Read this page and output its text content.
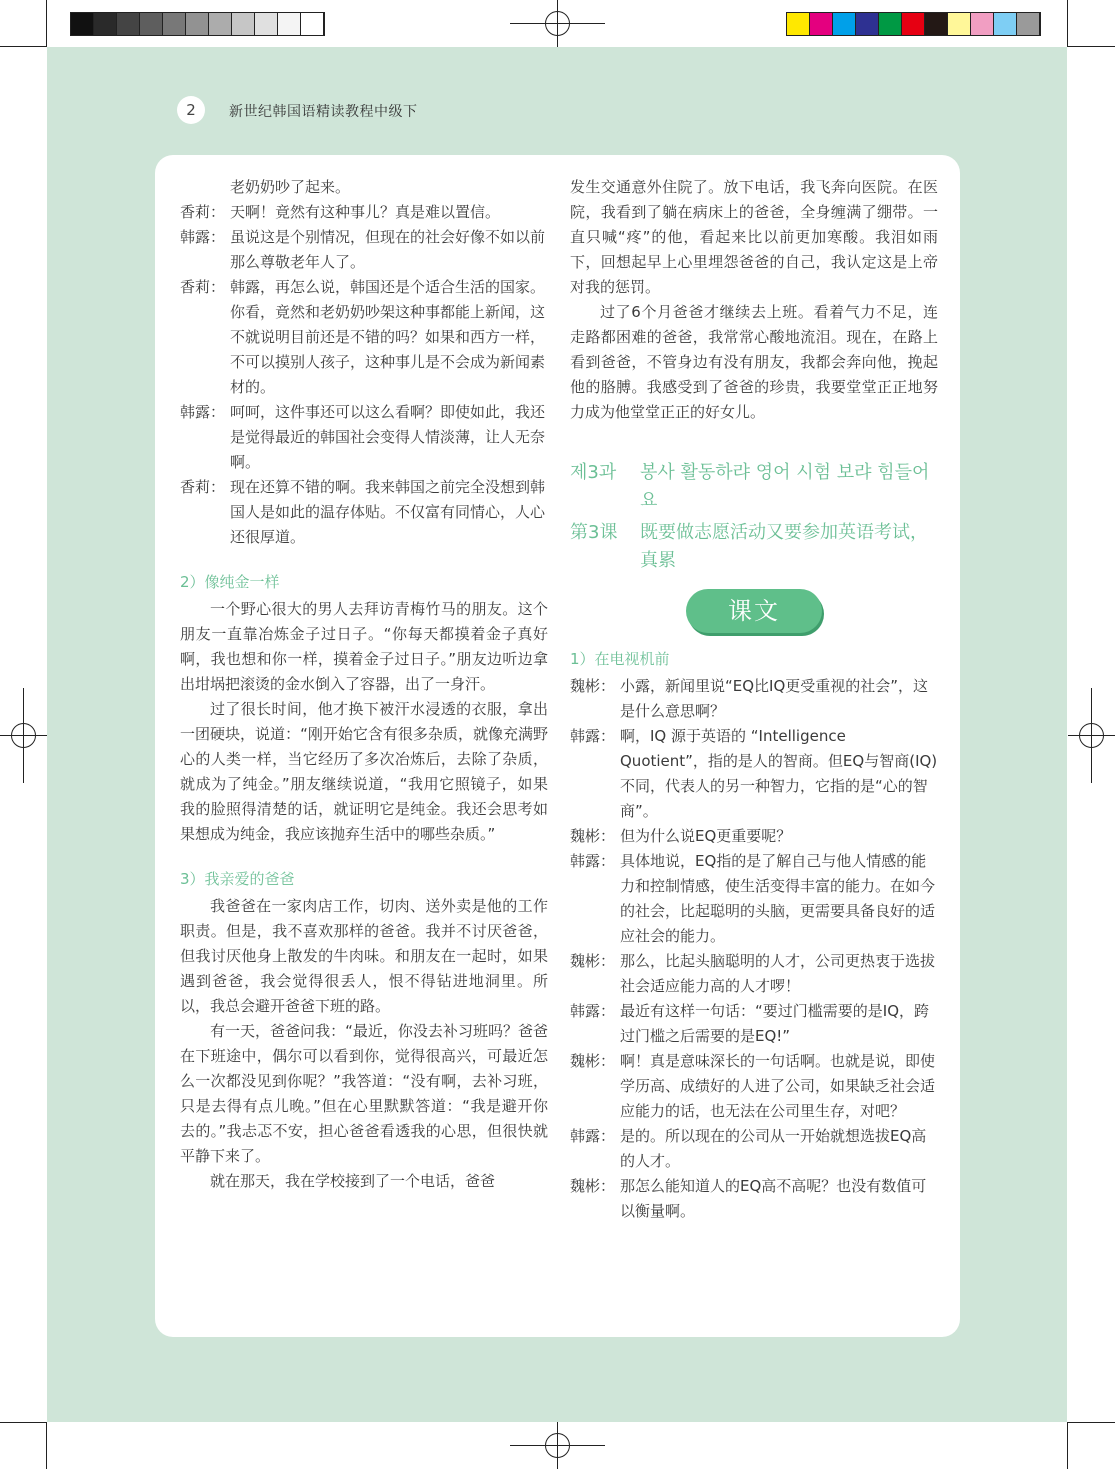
2	新世纪韩国语精读教程中级下
老奶奶吵了起来。
香莉： 天啊！竟然有这种事儿？真是难以置信。
韩露： 虽说这是个别情况，但现在的社会好像不如以前那么尊敬老年人了。
香莉： 韩露，再怎么说，韩国还是个适合生活的国家。你看，竟然和老奶奶吵架这种事都能上新闻，这不就说明目前还是不错的吗？如果和西方一样，不可以摸别人孩子，这种事儿是不会成为新闻素材的。
韩露： 呵呵，这件事还可以这么看啊？即使如此，我还是觉得最近的韩国社会变得人情淡薄，让人无奈啊。
香莉： 现在还算不错的啊。我来韩国之前完全没想到韩国人是如此的温存体贴。不仅富有同情心，人心还很厚道。
2）像纯金一样
一个野心很大的男人去拜访青梅竹马的朋友。这个朋友一直靠冶炼金子过日子。“你每天都摸着金子真好啊，我也想和你一样，摸着金子过日子。”朋友边听边拿出坩埚把滚烫的金水倒入了容器，出了一身汗。
过了很长时间，他才换下被汗水浸透的衣服，拿出一团硬块，说道：“刚开始它含有很多杂质，就像充满野心的人类一样，当它经历了多次冶炼后，去除了杂质，就成为了纯金。”朋友继续说道，“我用它照镜子，如果我的脸照得清楚的话，就证明它是纯金。我还会思考如果想成为纯金，我应该抛弃生活中的哪些杂质。”
3）我亲爱的爸爸
我爸爸在一家肉店工作，切肉、送外卖是他的工作职责。但是，我不喜欢那样的爸爸。我并不讨厌爸爸，但我讨厌他身上散发的牛肉味。和朋友在一起时，如果遇到爸爸，我会觉得很丢人，恨不得钻进地洞里。所以，我总会避开爸爸下班的路。
有一天，爸爸问我：“最近，你没去补习班吗？爸爸在下班途中，偶尔可以看到你，觉得很高兴，可最近怎么一次都没见到你呢？”我答道：“没有啊，去补习班，只是去得有点儿晚。”但在心里默默答道：“我是避开你去的。”我忐忑不安，担心爸爸看透我的心思，但很快就平静下来了。
就在那天，我在学校接到了一个电话，爸爸
发生交通意外住院了。放下电话，我飞奔向医院。在医院，我看到了躺在病床上的爸爸，全身缠满了绷带。一直只喊“疼”的他，看起来比以前更加寒酸。我泪如雨下，回想起早上心里埋怨爸爸的自己，我认定这是上帝对我的惩罚。
过了6个月爸爸才继续去上班。看着气力不足，连走路都困难的爸爸，我常常心酸地流泪。现在，在路上看到爸爸，不管身边有没有朋友，我都会奔向他，挽起他的胳膊。我感受到了爸爸的珍贵，我要堂堂正正地努力成为他堂堂正正的好女儿。
제3과	봉사 활동하랴 영어 시험 보랴 힘들어요
第3课	既要做志愿活动又要参加英语考试，真累
课文
1）在电视机前
魏彬： 小露，新闻里说“EQ比IQ更受重视的社会”，这是什么意思啊？
韩露： 啊，IQ 源于英语的 “Intelligence Quotient”，指的是人的智商。但EQ与智商(IQ)不同，代表人的另一种智力，它指的是“心的智商”。
魏彬： 但为什么说EQ更重要呢？
韩露： 具体地说，EQ指的是了解自己与他人情感的能力和控制情感，使生活变得丰富的能力。在如今的社会，比起聪明的头脑，更需要具备良好的适应社会的能力。
魏彬： 那么，比起头脑聪明的人才，公司更热衷于选拔社会适应能力高的人才啰！
韩露： 最近有这样一句话：“要过门槛需要的是IQ，跨过门槛之后需要的是EQ!”
魏彬： 啊！真是意味深长的一句话啊。也就是说，即使学历高、成绩好的人进了公司，如果缺乏社会适应能力的话，也无法在公司里生存，对吧？
韩露： 是的。所以现在的公司从一开始就想选拔EQ高的人才。
魏彬： 那怎么能知道人的EQ高不高呢？也没有数值可以衡量啊。
